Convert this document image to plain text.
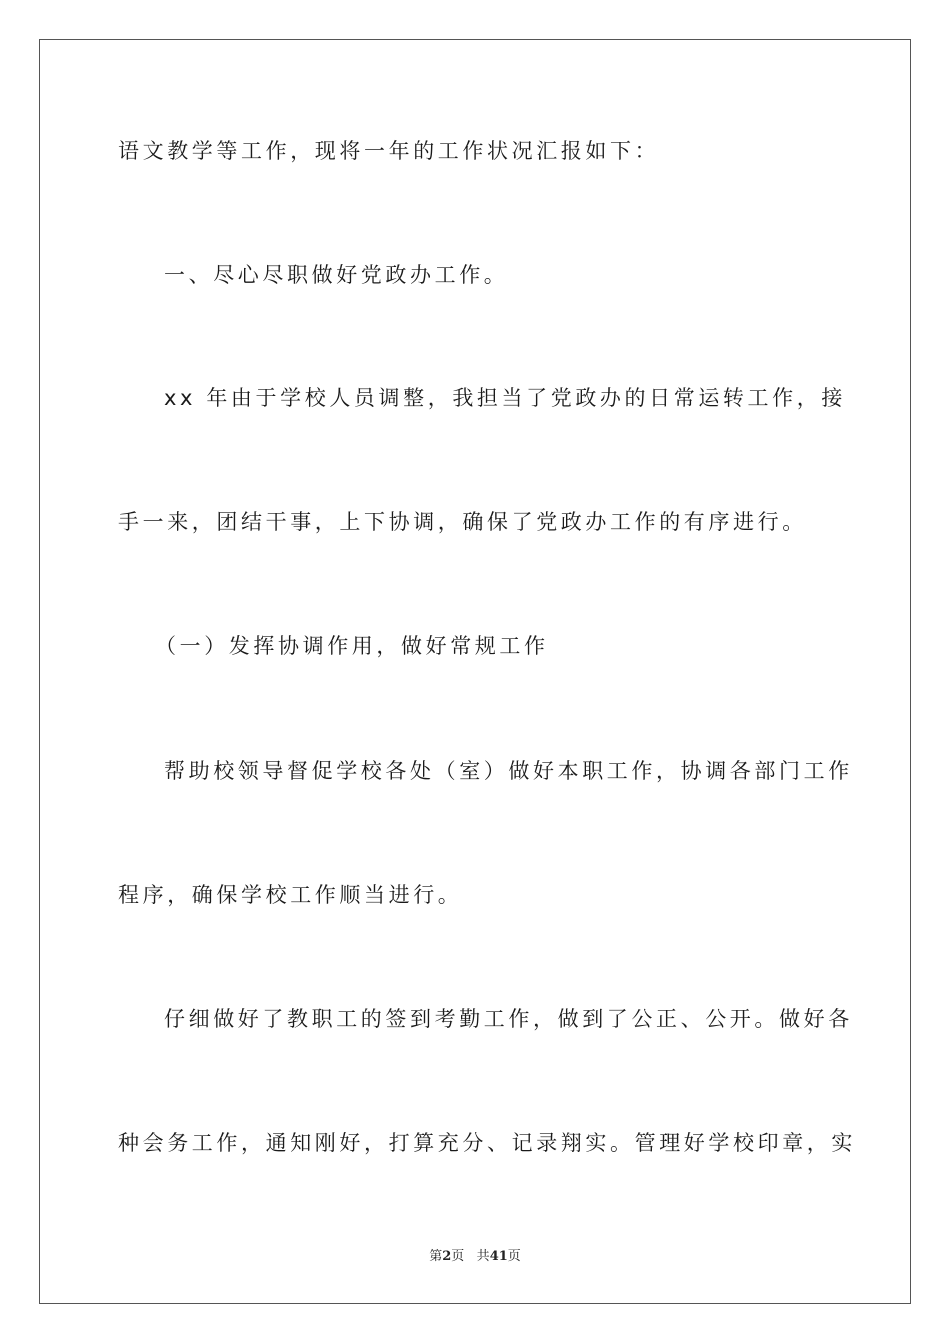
语文教学等工作，现将一年的工作状况汇报如下：
一、尽心尽职做好党政办工作。
xx 年由于学校人员调整，我担当了党政办的日常运转工作，接
手一来，团结干事，上下协调，确保了党政办工作的有序进行。
（一）发挥协调作用，做好常规工作
帮助校领导督促学校各处（室）做好本职工作，协调各部门工作
程序，确保学校工作顺当进行。
仔细做好了教职工的签到考勤工作，做到了公正、公开。做好各
种会务工作，通知刚好，打算充分、记录翔实。管理好学校印章，实
第2页 共41页
